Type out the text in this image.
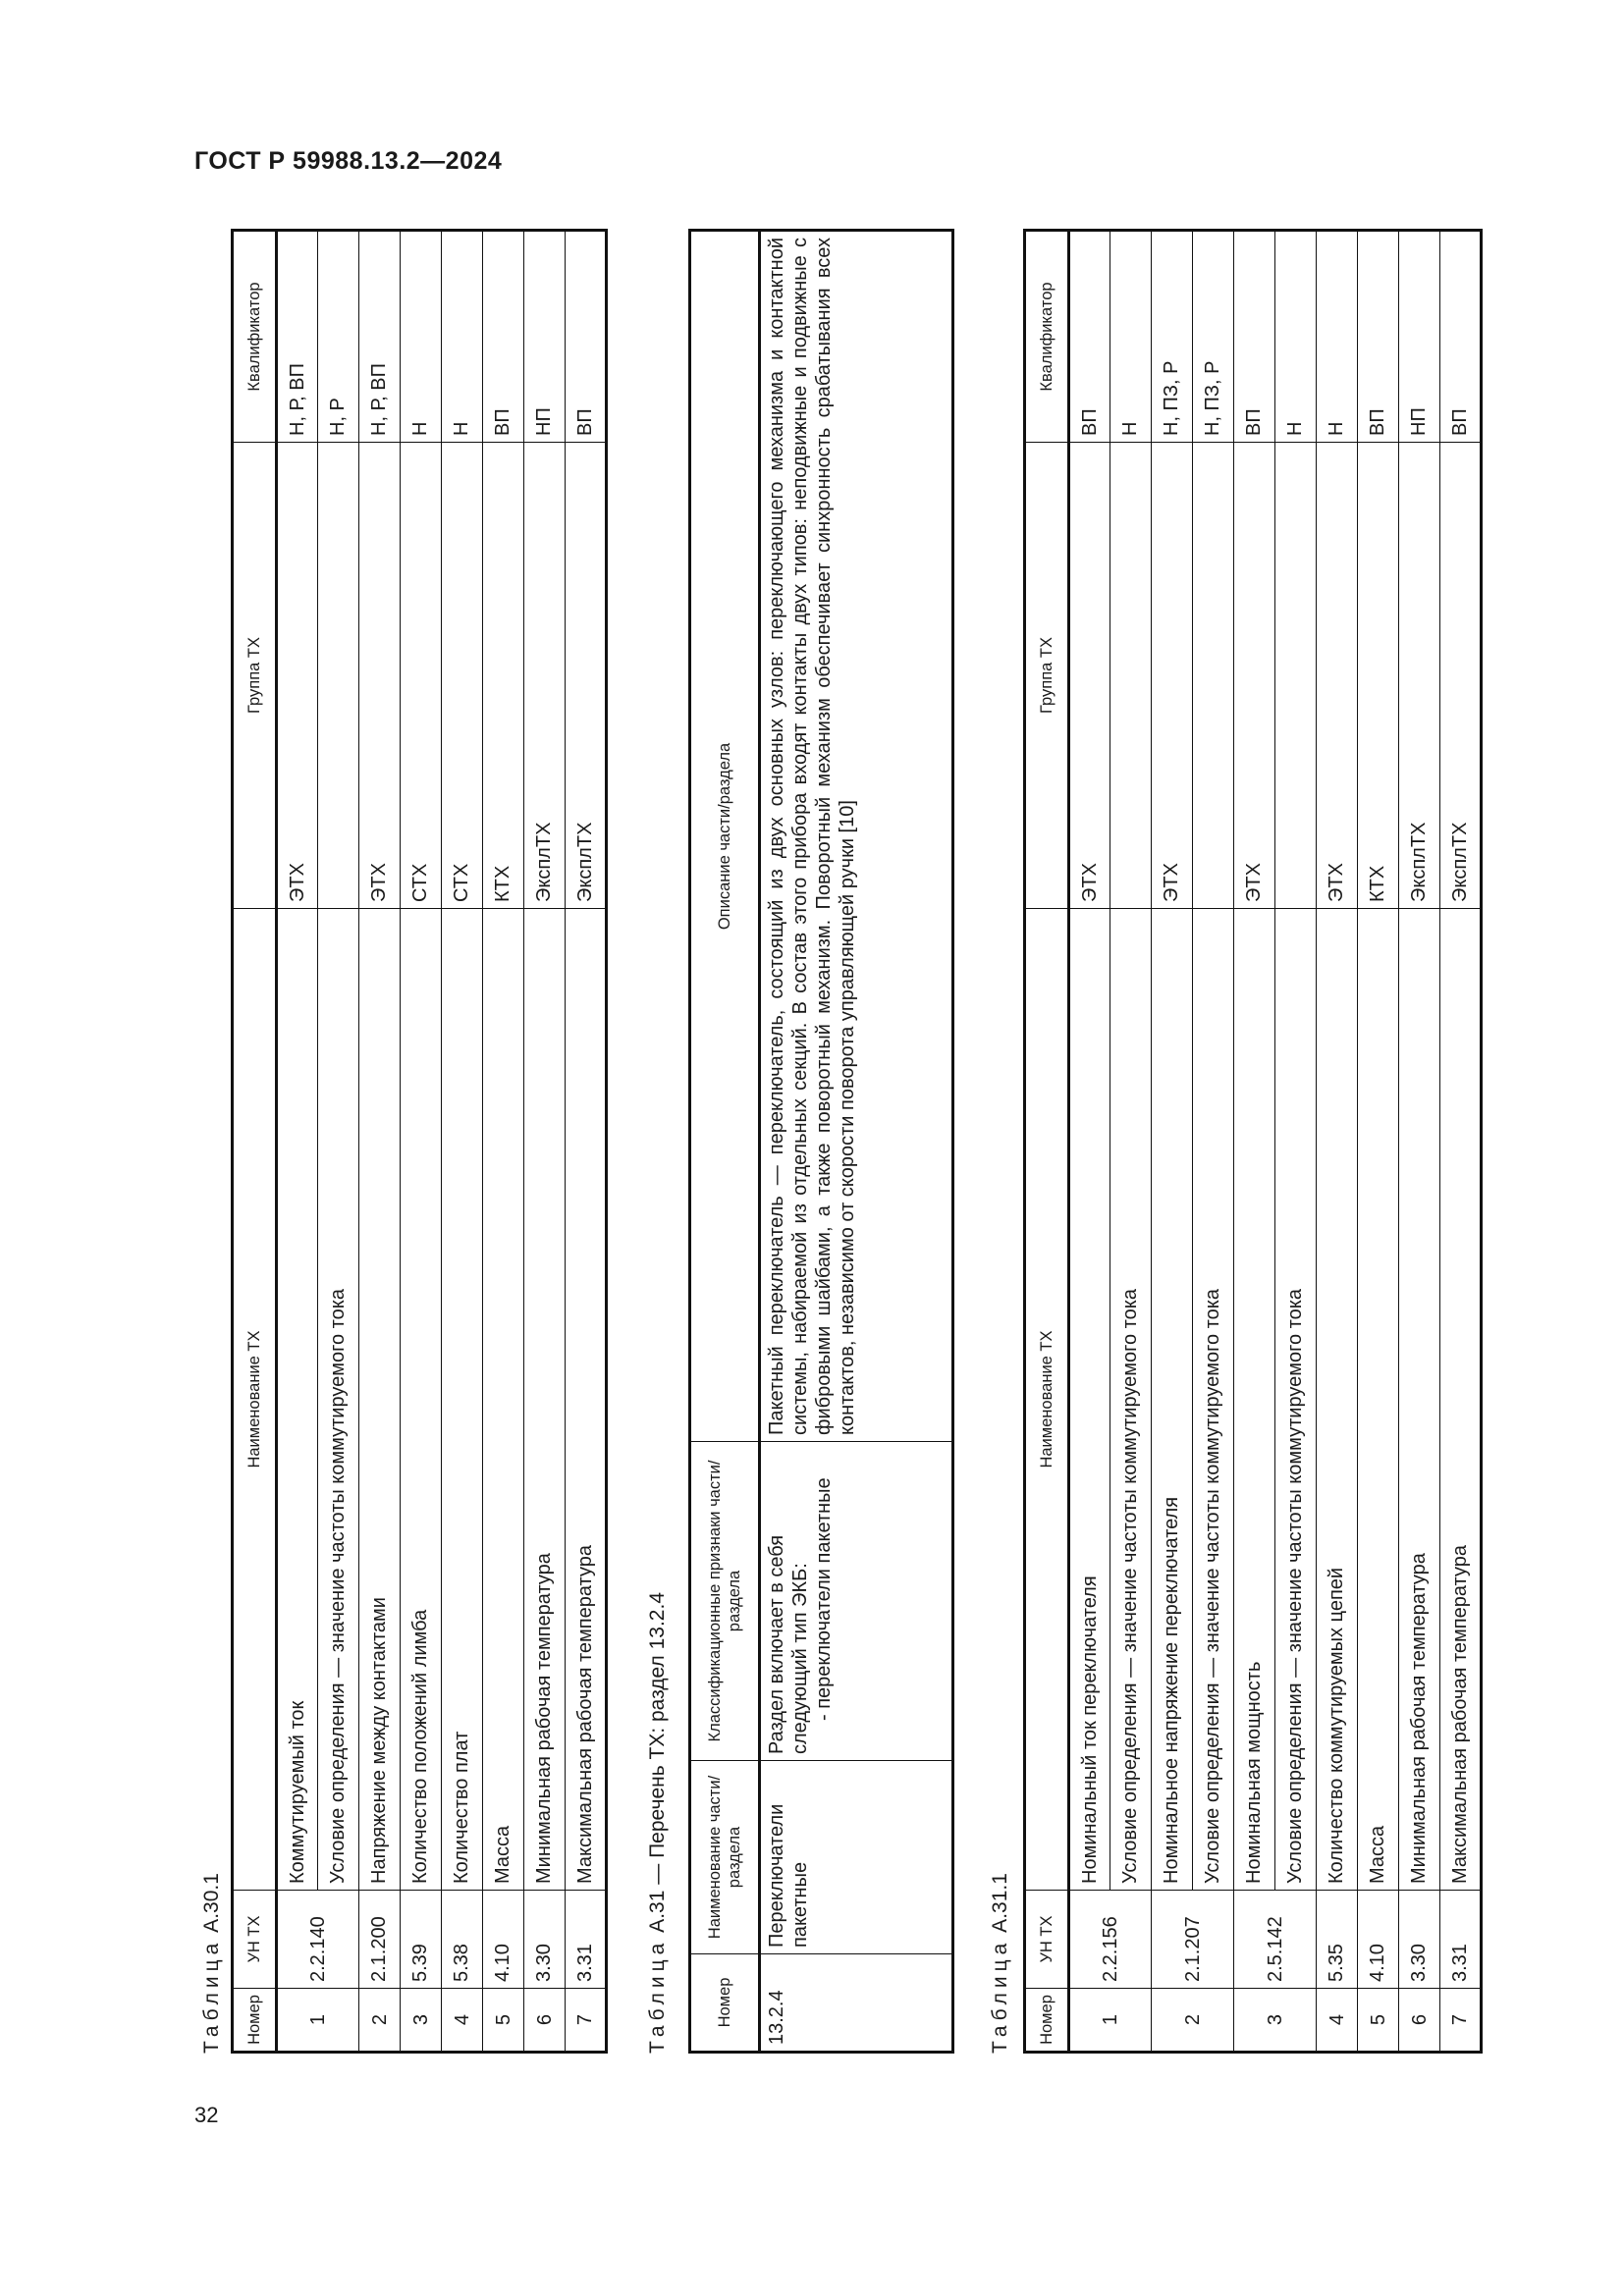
ГОСТ Р 59988.13.2—2024
32
Таблица А.30.1
Номер	УН ТХ	Наименование ТХ	Группа ТХ	Квалификатор
1	2.2.140	Коммутируемый ток	ЭТХ	Н, Р, ВП
		Условие определения — значение частоты коммутируемого тока		Н, Р
2	2.1.200	Напряжение между контактами	ЭТХ	Н, Р, ВП
3	5.39	Количество положений лимба	СТХ	Н
4	5.38	Количество плат	СТХ	Н
5	4.10	Масса	КТХ	ВП
6	3.30	Минимальная рабочая температура	ЭксплТХ	НП
7	3.31	Максимальная рабочая температура	ЭксплТХ	ВП
Таблица А.31 — Перечень ТХ: раздел 13.2.4
Номер	Наименование части/раздела	Классификационные признаки части/раздела	Описание части/раздела
13.2.4	Переключатели пакетные	Раздел включает в себя следующий тип ЭКБ: - переключатели пакетные	Пакетный переключатель — переключатель, состоящий из двух основных узлов: переключающего механизма и контактной системы, набираемой из отдельных секций. В состав этого прибора входят контакты двух типов: неподвижные и подвижные с фибровыми шайбами, а также поворотный механизм. Поворотный механизм обеспечивает синхронность срабатывания всех контактов, независимо от скорости поворота управляющей ручки [10]
Таблица А.31.1
Номер	УН ТХ	Наименование ТХ	Группа ТХ	Квалификатор
1	2.2.156	Номинальный ток переключателя	ЭТХ	ВП
		Условие определения — значение частоты коммутируемого тока		Н
2	2.1.207	Номинальное напряжение переключателя	ЭТХ	Н, ПЗ, Р
		Условие определения — значение частоты коммутируемого тока		Н, ПЗ, Р
3	2.5.142	Номинальная мощность	ЭТХ	ВП
		Условие определения — значение частоты коммутируемого тока		Н
4	5.35	Количество коммутируемых цепей	ЭТХ	Н
5	4.10	Масса	КТХ	ВП
6	3.30	Минимальная рабочая температура	ЭксплТХ	НП
7	3.31	Максимальная рабочая температура	ЭксплТХ	ВП
